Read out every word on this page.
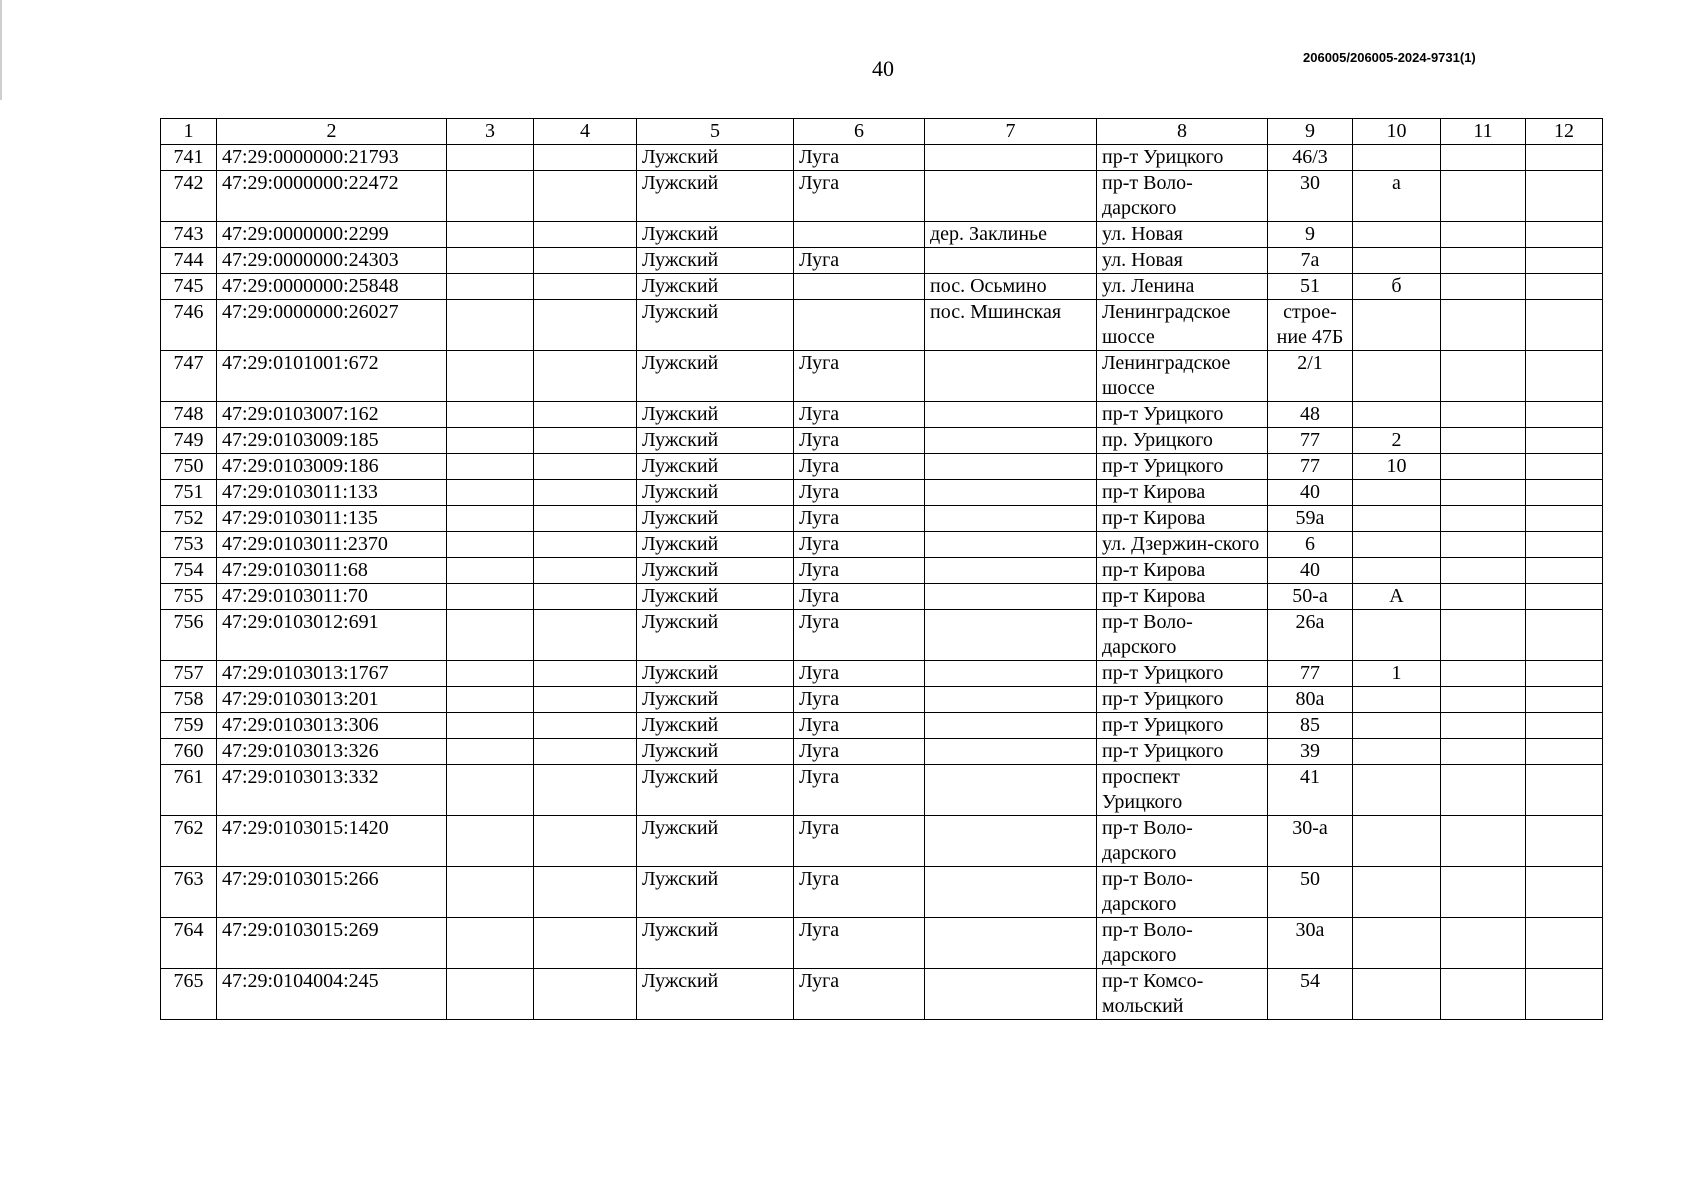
40	206005/206005-2024-9731(1)
1	2	3	4	5	6	7	8	9	10	11	12
741	47:29:0000000:21793			Лужский	Луга		пр-т Урицкого	46/3			
742	47:29:0000000:22472			Лужский	Луга		пр-т Воло-дарского	30	а		
743	47:29:0000000:2299			Лужский		дер. Заклинье	ул. Новая	9			
744	47:29:0000000:24303			Лужский	Луга		ул. Новая	7а			
745	47:29:0000000:25848			Лужский		пос. Осьмино	ул. Ленина	51	б		
746	47:29:0000000:26027			Лужский		пос. Мшинская	Ленинградское шоссе	строе-ние 47Б			
747	47:29:0101001:672			Лужский	Луга		Ленинградское шоссе	2/1			
748	47:29:0103007:162			Лужский	Луга		пр-т Урицкого	48			
749	47:29:0103009:185			Лужский	Луга		пр. Урицкого	77	2		
750	47:29:0103009:186			Лужский	Луга		пр-т Урицкого	77	10		
751	47:29:0103011:133			Лужский	Луга		пр-т Кирова	40			
752	47:29:0103011:135			Лужский	Луга		пр-т Кирова	59а			
753	47:29:0103011:2370			Лужский	Луга		ул. Дзержин-ского	6			
754	47:29:0103011:68			Лужский	Луга		пр-т Кирова	40			
755	47:29:0103011:70			Лужский	Луга		пр-т Кирова	50-а	А		
756	47:29:0103012:691			Лужский	Луга		пр-т Воло-дарского	26а			
757	47:29:0103013:1767			Лужский	Луга		пр-т Урицкого	77	1		
758	47:29:0103013:201			Лужский	Луга		пр-т Урицкого	80а			
759	47:29:0103013:306			Лужский	Луга		пр-т Урицкого	85			
760	47:29:0103013:326			Лужский	Луга		пр-т Урицкого	39			
761	47:29:0103013:332			Лужский	Луга		проспект Урицкого	41			
762	47:29:0103015:1420			Лужский	Луга		пр-т Воло-дарского	30-а			
763	47:29:0103015:266			Лужский	Луга		пр-т Воло-дарского	50			
764	47:29:0103015:269			Лужский	Луга		пр-т Воло-дарского	30а			
765	47:29:0104004:245			Лужский	Луга		пр-т Комсо-мольский	54			
